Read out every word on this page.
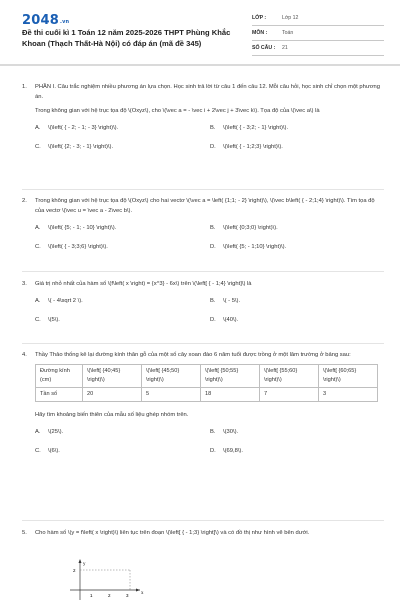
$2048^{.vn}$
Đề thi cuối kì 1 Toán 12 năm 2025-2026 THPT Phùng Khắc Khoan (Thạch Thất-Hà Nội) có đáp án (mã đề 345)
LỚP :	Lớp 12
MÔN :	Toán
SỐ CÂU :	21
1. PHẦN I. Câu trắc nghiệm nhiều phương án lựa chọn. Học sinh trả lời từ câu 1 đến câu 12. Mỗi câu hỏi, học sinh chỉ chọn một phương án.

Trong không gian với hệ trục tọa độ \(Oxyz\), cho \(\vec a = - \vec i + 2\vec j + 3\vec k\). Tọa độ của \(\vec a\) là

A.	\(\left( { - 2; - 1; - 3} \right)\).	B.	\(\left( { - 3;2; - 1} \right)\).
C.	\(\left( {2; - 3; - 1} \right)\).	D.	\(\left( { - 1;2;3} \right)\).
2. Trong không gian với hệ trục tọa độ \(Oxyz\) cho hai vectơ \(\vec a = \left( {1;1; - 2} \right)\), \(\vec b\left( { - 2;1;4} \right)\). Tìm tọa độ của vectơ \(\vec u = \vec a - 2\vec b\).

A.	\(\left( {5; - 1; - 10} \right)\).	B.	\(\left( {0;3;0} \right)\).
C.	\(\left( { - 3;3;6} \right)\).	D.	\(\left( {5; - 1;10} \right)\).
3. Giá trị nhỏ nhất của hàm số \(f\left( x \right) = {x^3} - 6x\) trên \(\left[ { - 1;4} \right]\) là

A.	\( - 4\sqrt 2 \).	B.	\( - 5\).
C.	\(5\).	D.	\(40\).
4. Thầy Thảo thống kê lại đường kính thân gỗ của một số cây xoan đào 6 năm tuổi được trồng ở một lâm trường ở bảng sau:

Đường kính (cm)	\(\left[ {40;45} \right)\)	\(\left[ {45;50} \right)\)	\(\left[ {50;55} \right)\)	\(\left[ {55;60} \right)\)	\(\left[ {60;65} \right)\)
Tần số	20	5	18	7	3

Hãy tìm khoảng biến thiên của mẫu số liệu ghép nhóm trên.

A.	\(25\).	B.	\(30\).
C.	\(6\).	D.	\(69,8\).
5. Cho hàm số \(y = f\left( x \right)\) liên tục trên đoạn \(\left[ { - 1;3} \right]\) và có đồ thị như hình vẽ bên dưới.

y
x
2
1	2	3
